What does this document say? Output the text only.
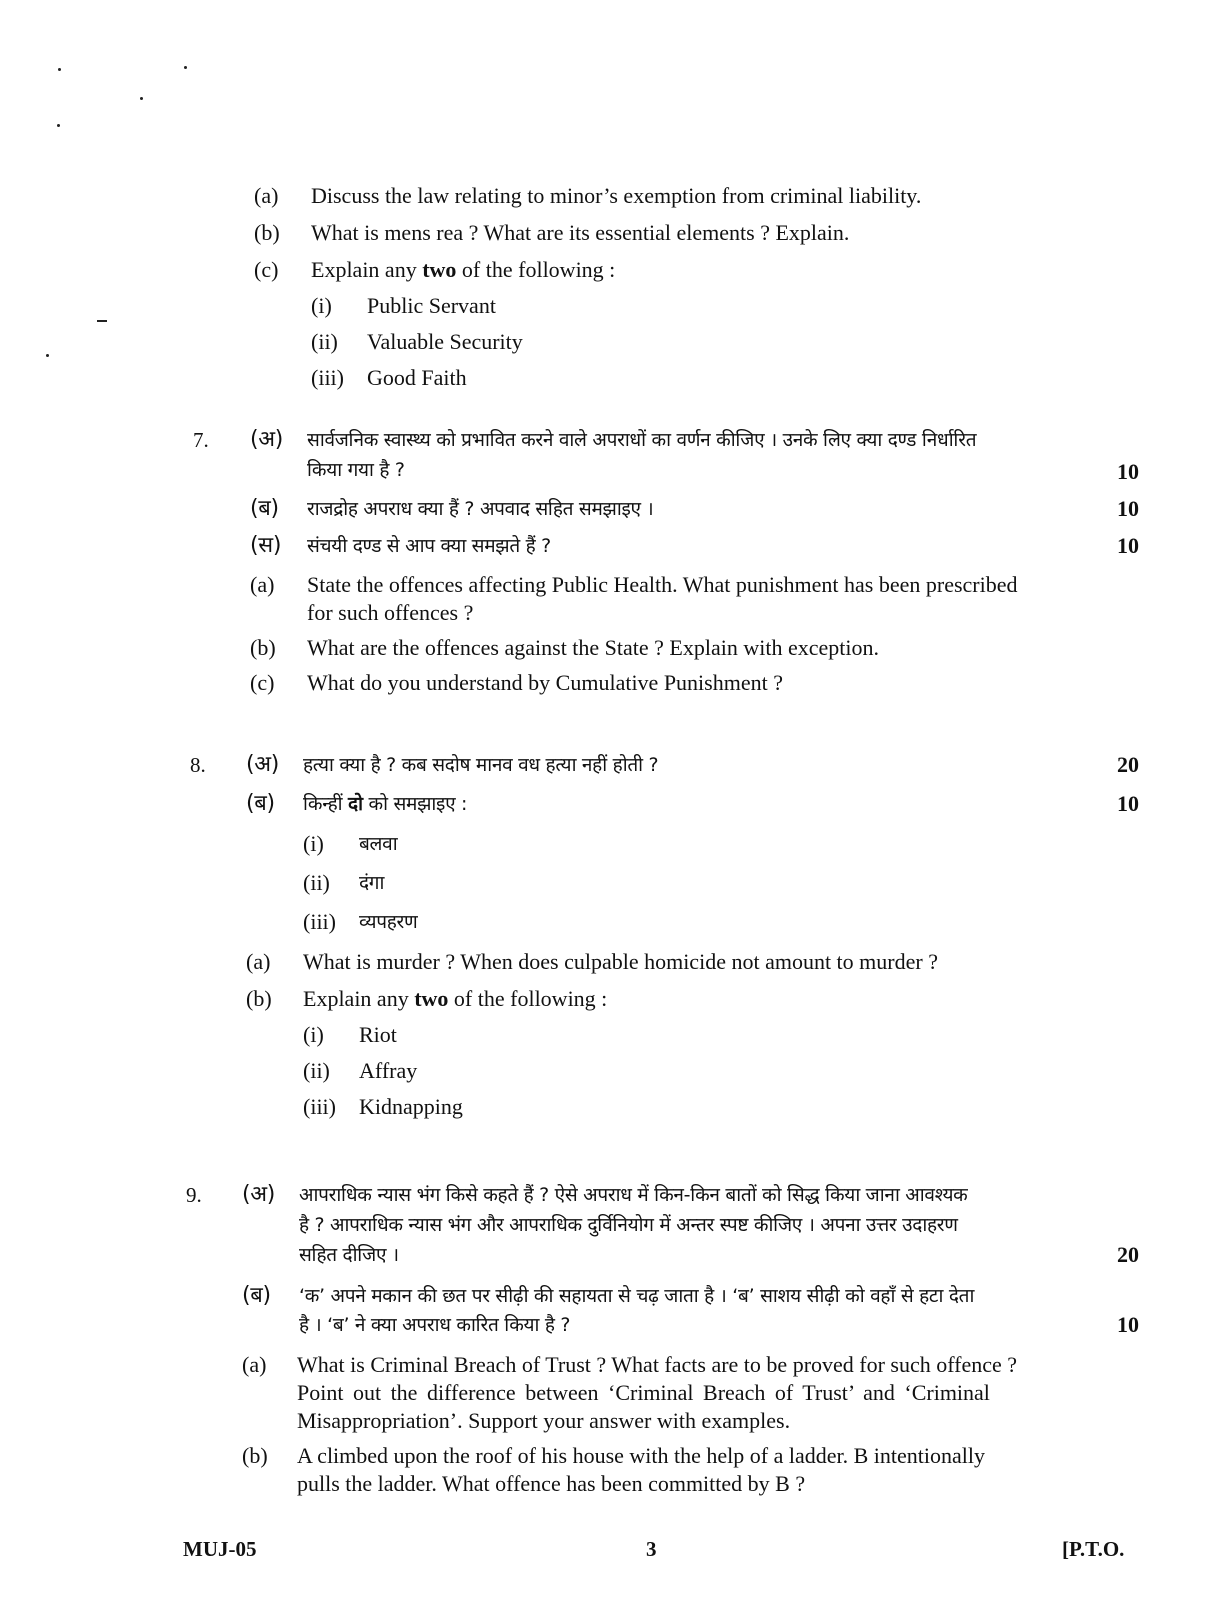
(a) Discuss the law relating to minor’s exemption from criminal liability.
(b) What is mens rea ? What are its essential elements ? Explain.
(c) Explain any two of the following :
(i) Public Servant
(ii) Valuable Security
(iii) Good Faith
7. (अ) सार्वजनिक स्वास्थ्य को प्रभावित करने वाले अपराधों का वर्णन कीजिए । उनके लिए क्या दण्ड निर्धारित
किया गया है ?	10
(ब) राजद्रोह अपराध क्या हैं ? अपवाद सहित समझाइए ।	10
(स) संचयी दण्ड से आप क्या समझते हैं ?	10
(a) State the offences affecting Public Health. What punishment has been prescribed
for such offences ?
(b) What are the offences against the State ? Explain with exception.
(c) What do you understand by Cumulative Punishment ?
8. (अ) हत्या क्या है ? कब सदोष मानव वध हत्या नहीं होती ?	20
(ब) किन्हीं दो को समझाइए :	10
(i) बलवा
(ii) दंगा
(iii) व्यपहरण
(a) What is murder ? When does culpable homicide not amount to murder ?
(b) Explain any two of the following :
(i) Riot
(ii) Affray
(iii) Kidnapping
9. (अ) आपराधिक न्यास भंग किसे कहते हैं ? ऐसे अपराध में किन-किन बातों को सिद्ध किया जाना आवश्यक
है ? आपराधिक न्यास भंग और आपराधिक दुर्विनियोग में अन्तर स्पष्ट कीजिए । अपना उत्तर उदाहरण
सहित दीजिए ।	20
(ब) ‘क’ अपने मकान की छत पर सीढ़ी की सहायता से चढ़ जाता है । ‘ब’ साशय सीढ़ी को वहाँ से हटा देता
है । ‘ब’ ने क्या अपराध कारित किया है ?	10
(a) What is Criminal Breach of Trust ? What facts are to be proved for such offence ?
Point out the difference between ‘Criminal Breach of Trust’ and ‘Criminal
Misappropriation’. Support your answer with examples.
(b) A climbed upon the roof of his house with the help of a ladder. B intentionally
pulls the ladder. What offence has been committed by B ?
MUJ-05	3	[P.T.O.
